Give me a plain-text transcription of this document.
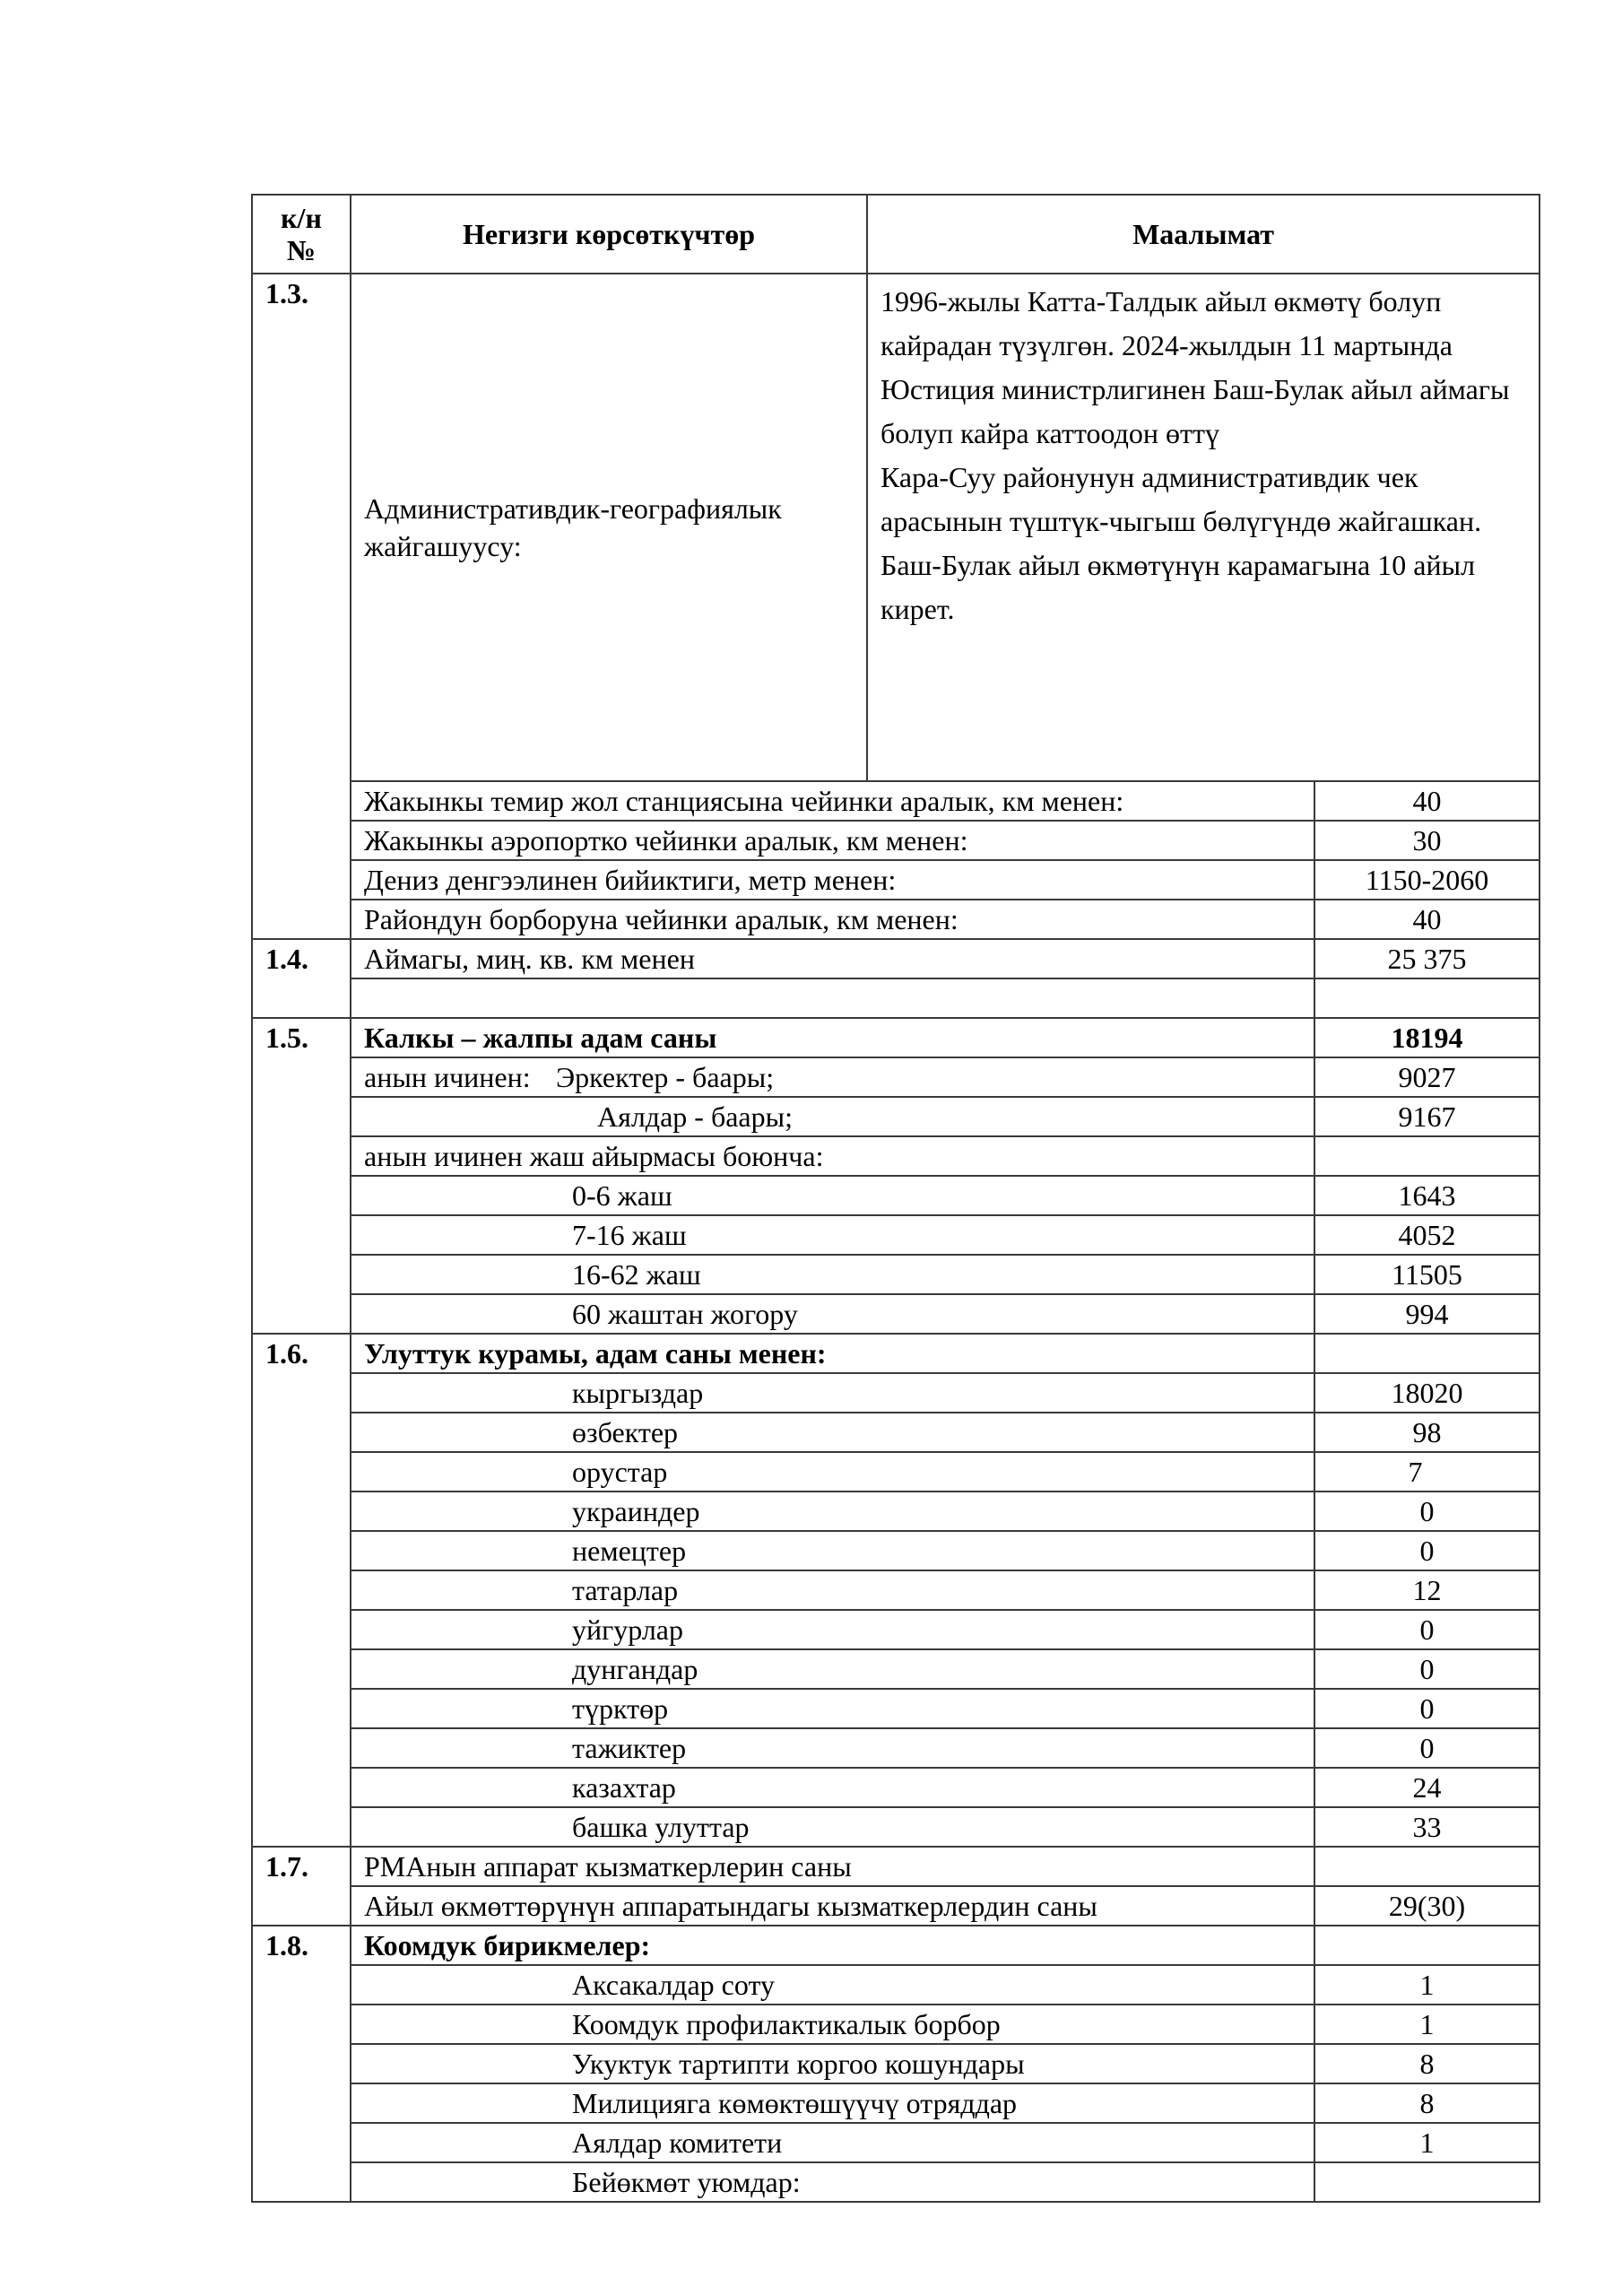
к/н
№	Негизги көрсөткүчтөр	Маалымат	
1.3.	Административдик-географиялык жайгашуусу:	1996-жылы Катта-Талдык айыл өкмөтү болуп кайрадан түзүлгөн. 2024-жылдын 11 мартында Юстиция министрлигинен Баш-Булак айыл аймагы болуп кайра каттоодон өттү
Кара-Суу районунун административдик чек арасынын түштүк-чыгыш бөлүгүндө жайгашкан. Баш-Булак айыл өкмөтүнүн карамагына 10 айыл кирет.	
	Жакынкы темир жол станциясына чейинки аралык, км менен:		40
	Жакынкы аэропортко чейинки аралык, км менен:		30
	Дениз денгээлинен бийиктиги, метр менен:		1150-2060
	Райондун борборуна чейинки аралык, км менен:		40
1.4.	Аймагы, миң. кв. км менен		25 375

1.5.	Калкы – жалпы адам саны		18194
	анын ичинен: Эркектер - баары;		9027
	Аялдар - баары;		9167
	анын ичинен жаш айырмасы боюнча:		
	0-6 жаш		1643
	7-16 жаш		4052
	16-62 жаш		11505
	60 жаштан жогору		994
1.6.	Улуттук курамы, адам саны менен:		
	кыргыздар		18020
	өзбектер		98
	орустар		7
	украиндер		0
	немецтер		0
	татарлар		12
	уйгурлар		0
	дунгандар		0
	түрктөр		0
	тажиктер		0
	казахтар		24
	башка улуттар		33
1.7.	РМАнын аппарат кызматкерлерин саны		
	Айыл өкмөттөрүнүн аппаратындагы кызматкерлердин саны		29(30)
1.8.	Коомдук бирикмелер:		
	Аксакалдар соту		1
	Коомдук профилактикалык борбор		1
	Укуктук тартипти коргоо кошундары		8
	Милицияга көмөктөшүүчү отряддар		8
	Аялдар комитети		1
	Бейөкмөт уюмдар:		
